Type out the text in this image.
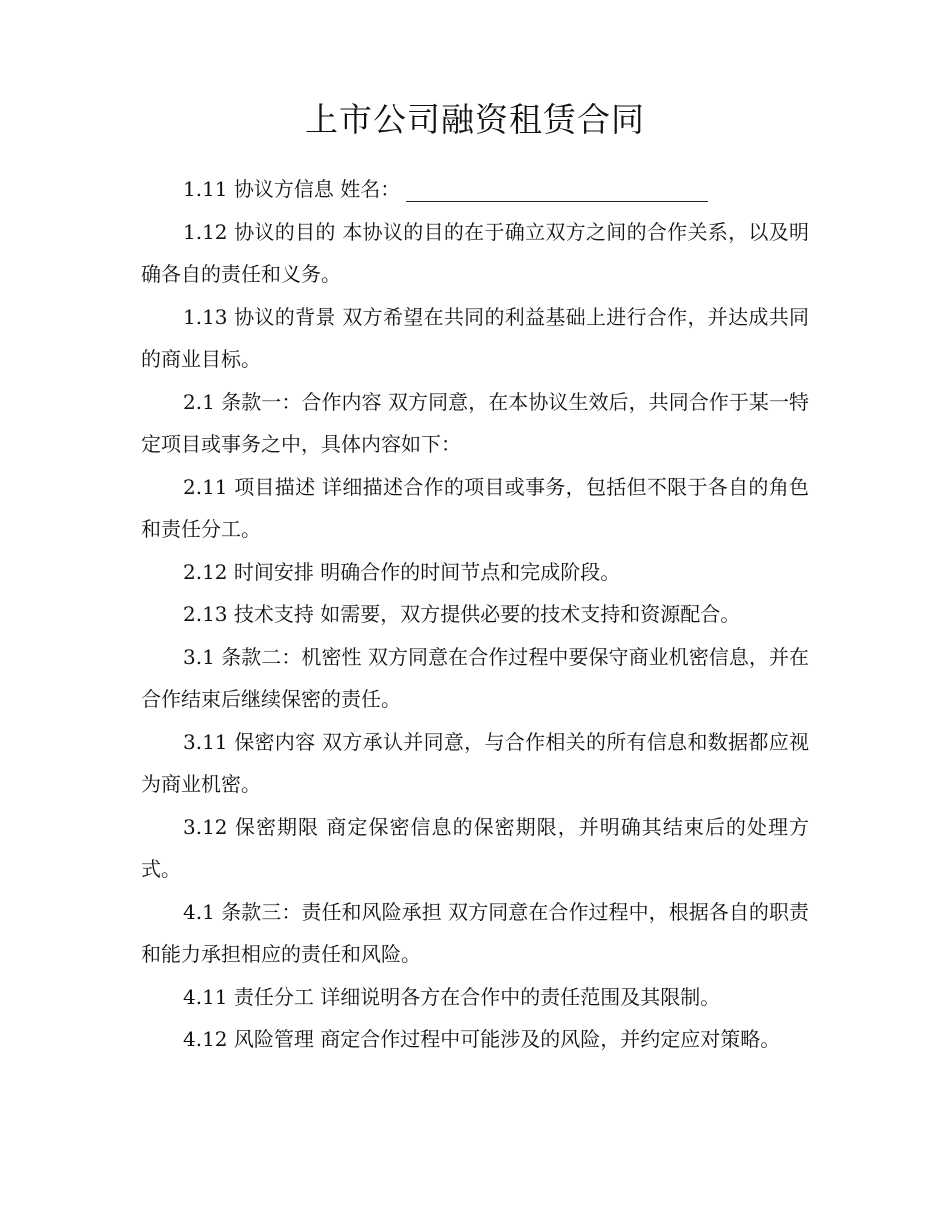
上市公司融资租赁合同

1.11 协议方信息 姓名：

1.12 协议的目的 本协议的目的在于确立双方之间的合作关系，以及明确各自的责任和义务。

1.13 协议的背景 双方希望在共同的利益基础上进行合作，并达成共同的商业目标。

2.1 条款一：合作内容 双方同意，在本协议生效后，共同合作于某一特定项目或事务之中，具体内容如下：

2.11 项目描述 详细描述合作的项目或事务，包括但不限于各自的角色和责任分工。

2.12 时间安排 明确合作的时间节点和完成阶段。

2.13 技术支持 如需要，双方提供必要的技术支持和资源配合。

3.1 条款二：机密性 双方同意在合作过程中要保守商业机密信息，并在合作结束后继续保密的责任。

3.11 保密内容 双方承认并同意，与合作相关的所有信息和数据都应视为商业机密。

3.12 保密期限 商定保密信息的保密期限，并明确其结束后的处理方式。

4.1 条款三：责任和风险承担 双方同意在合作过程中，根据各自的职责和能力承担相应的责任和风险。

4.11 责任分工 详细说明各方在合作中的责任范围及其限制。

4.12 风险管理 商定合作过程中可能涉及的风险，并约定应对策略。
